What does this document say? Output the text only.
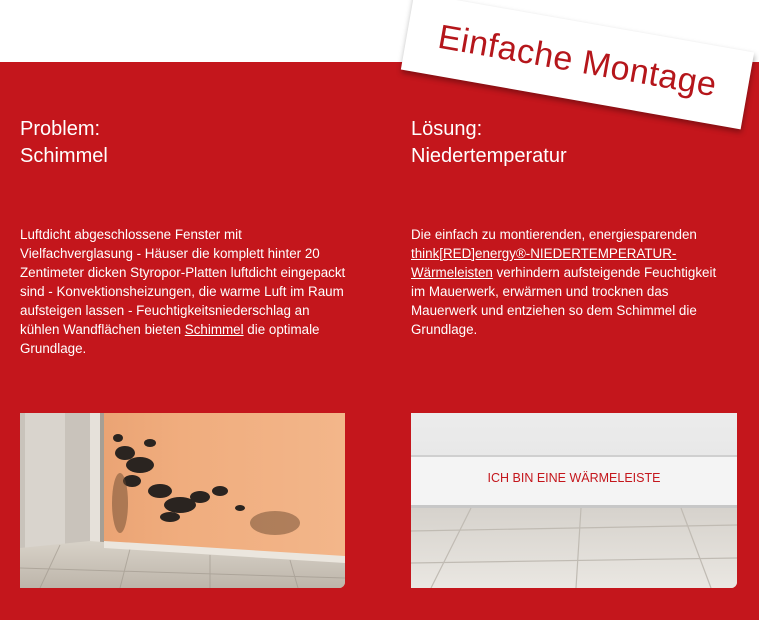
Problem:
Schimmel
Luftdicht abgeschlossene Fenster mit Vielfachverglasung - Häuser die komplett hinter 20 Zentimeter dicken Styropor-Platten luftdicht eingepackt sind - Konvektionsheizungen, die warme Luft im Raum aufsteigen lassen - Feuchtigkeitsniederschlag an kühlen Wandflächen bieten Schimmel die optimale Grundlage.
Lösung:
Niedertemperatur
Die einfach zu montierenden, energiesparenden think[RED]energy®-NIEDERTEMPERATUR-Wärmeleisten verhindern aufsteigende Feuchtigkeit im Mauerwerk, erwärmen und trocknen das Mauerwerk und entziehen so dem Schimmel die Grundlage.
ICH BIN EINE WÄRMELEISTE
Einfache Montage
